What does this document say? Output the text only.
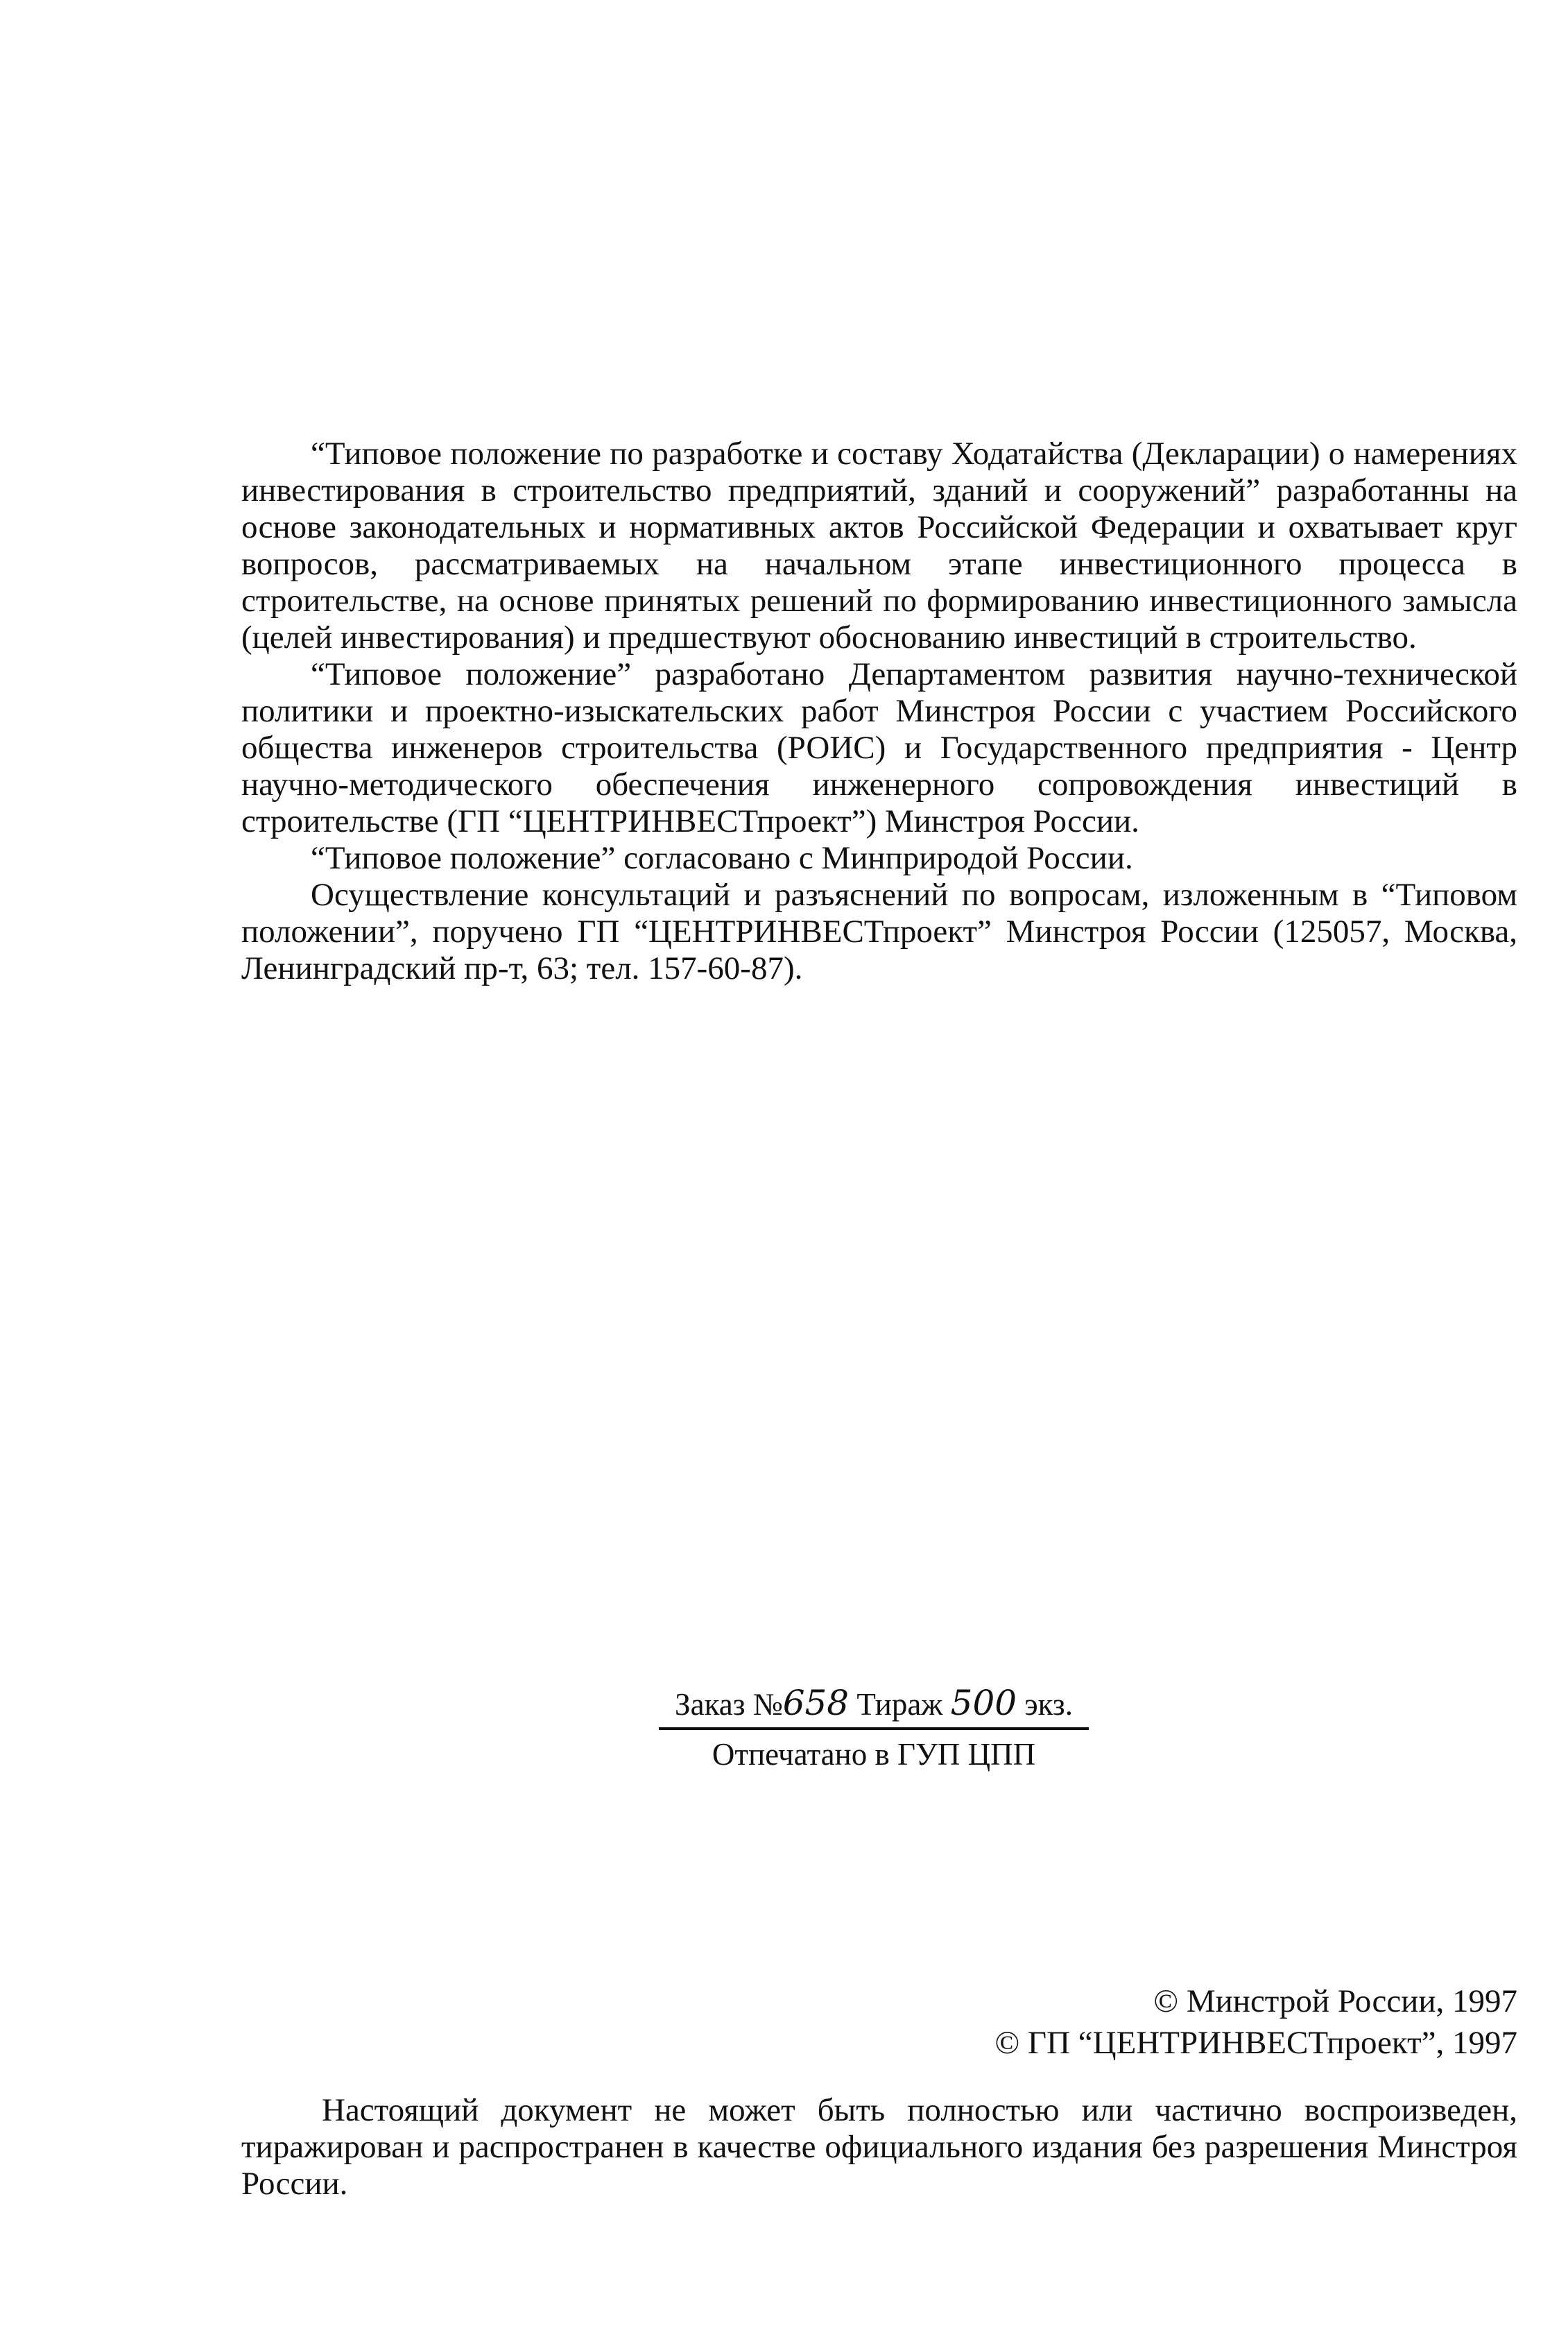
“Типовое положение по разработке и составу Ходатайства (Декларации) о намерениях инвестирования в строительство предприятий, зданий и сооружений” разработанны на основе законодательных и нормативных актов Российской Федерации и охватывает круг вопросов, рассматриваемых на начальном этапе инвестиционного процесса в строительстве, на основе принятых решений по формированию инвестиционного замысла (целей инвестирования) и предшествуют обоснованию инвестиций в строительство.

“Типовое положение” разработано Департаментом развития научно-технической политики и проектно-изыскательских работ Минстроя России с участием Российского общества инженеров строительства (РОИС) и Государственного предприятия - Центр научно-методического обеспечения инженерного сопровождения инвестиций в строительстве (ГП “ЦЕНТРИНВЕСТпроект”) Минстроя России.

“Типовое положение” согласовано с Минприродой России.

Осуществление консультаций и разъяснений по вопросам, изложенным в “Типовом положении”, поручено ГП “ЦЕНТРИНВЕСТпроект” Минстроя России (125057, Москва, Ленинградский пр-т, 63; тел. 157-60-87).

Заказ №658 Тираж 500 экз.
Отпечатано в ГУП ЦПП
© Минстрой России, 1997
© ГП “ЦЕНТРИНВЕСТпроект”, 1997

Настоящий документ не может быть полностью или частично воспроизведен, тиражирован и распространен в качестве официального издания без разрешения Минстроя России.
